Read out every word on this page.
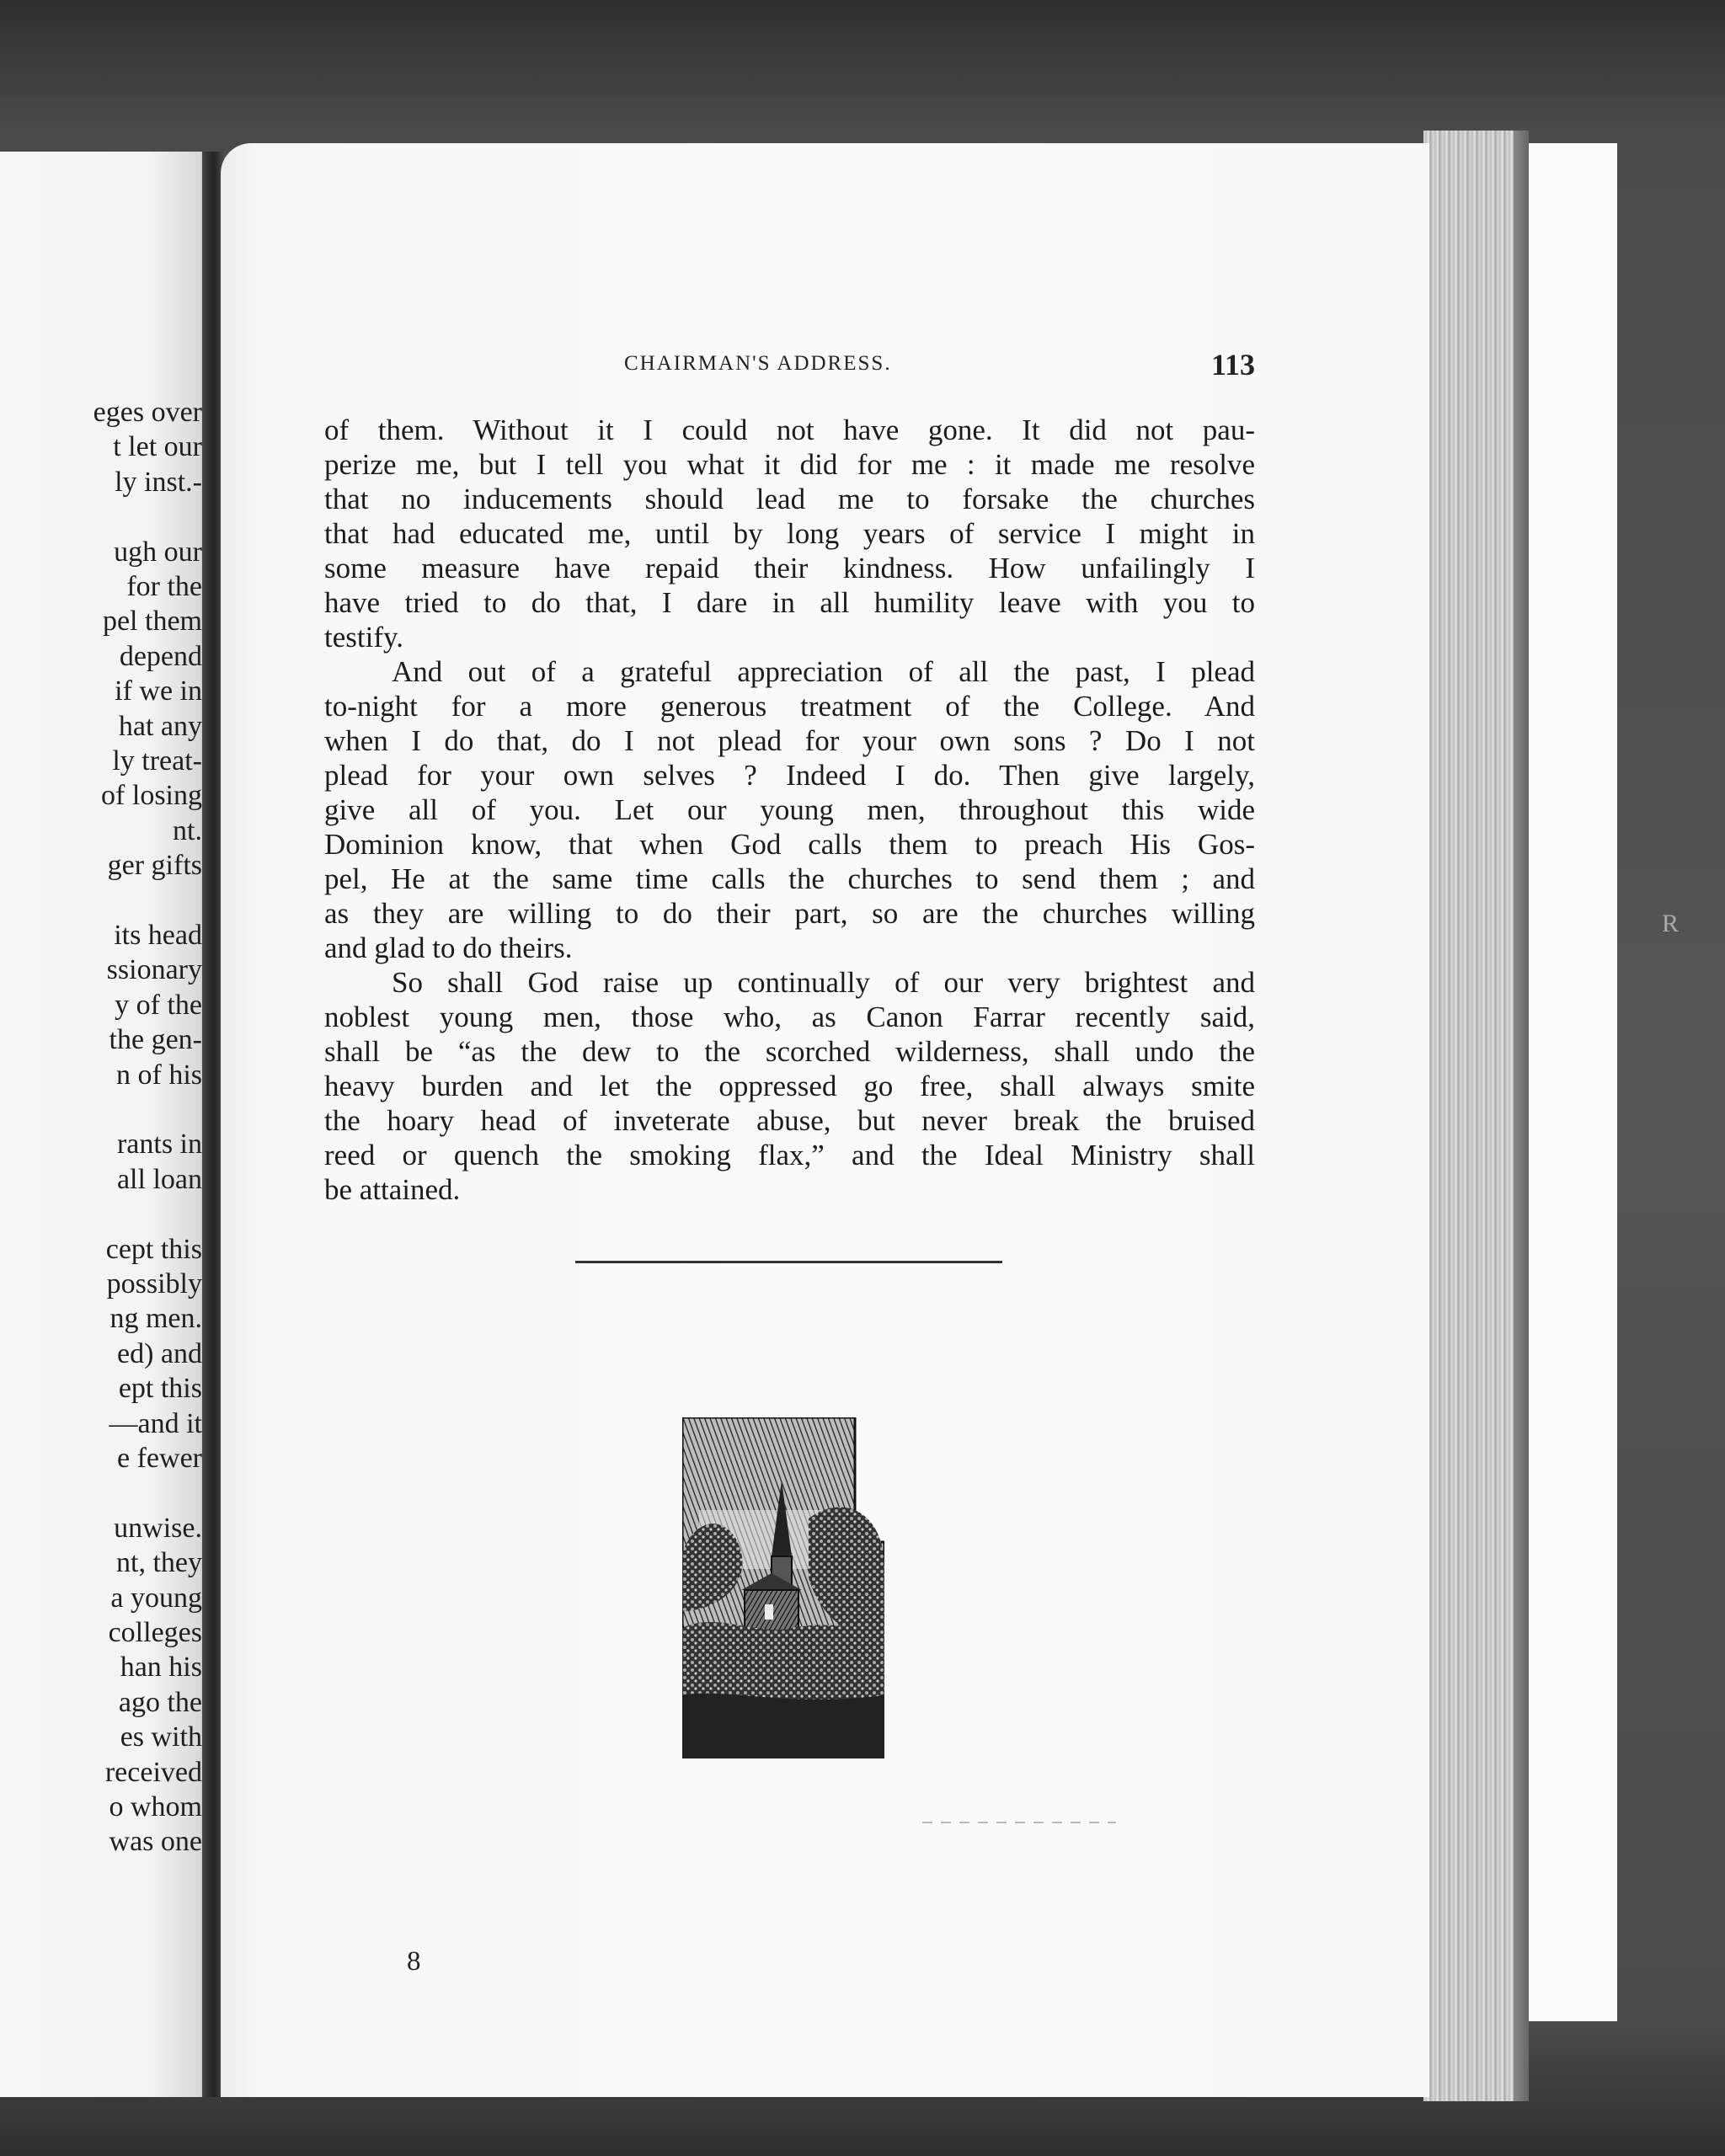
eges over
t let our
ly inst.-
ugh our
for the
pel them
depend
if we in
hat any
ly treat-
of losing
nt.
ger gifts
its head
ssionary
y of the
the gen-
n of his
rants in
all loan
cept this
possibly
ng men.
ed) and
ept this
—and it
e fewer
unwise.
nt, they
a young
colleges
han his
ago the
es with
received
o whom
was one
CHAIRMAN'S ADDRESS.	113
of them. Without it I could not have gone. It did not pau-
perize me, but I tell you what it did for me : it made me resolve
that no inducements should lead me to forsake the churches
that had educated me, until by long years of service I might in
some measure have repaid their kindness. How unfailingly I
have tried to do that, I dare in all humility leave with you to
testify.
And out of a grateful appreciation of all the past, I plead
to-night for a more generous treatment of the College. And
when I do that, do I not plead for your own sons ? Do I not
plead for your own selves ? Indeed I do. Then give largely,
give all of you. Let our young men, throughout this wide
Dominion know, that when God calls them to preach His Gos-
pel, He at the same time calls the churches to send them ; and
as they are willing to do their part, so are the churches willing
and glad to do theirs.
So shall God raise up continually of our very brightest and
noblest young men, those who, as Canon Farrar recently said,
shall be “as the dew to the scorched wilderness, shall undo the
heavy burden and let the oppressed go free, shall always smite
the hoary head of inveterate abuse, but never break the bruised
reed or quench the smoking flax,” and the Ideal Ministry shall
be attained.
8
R
